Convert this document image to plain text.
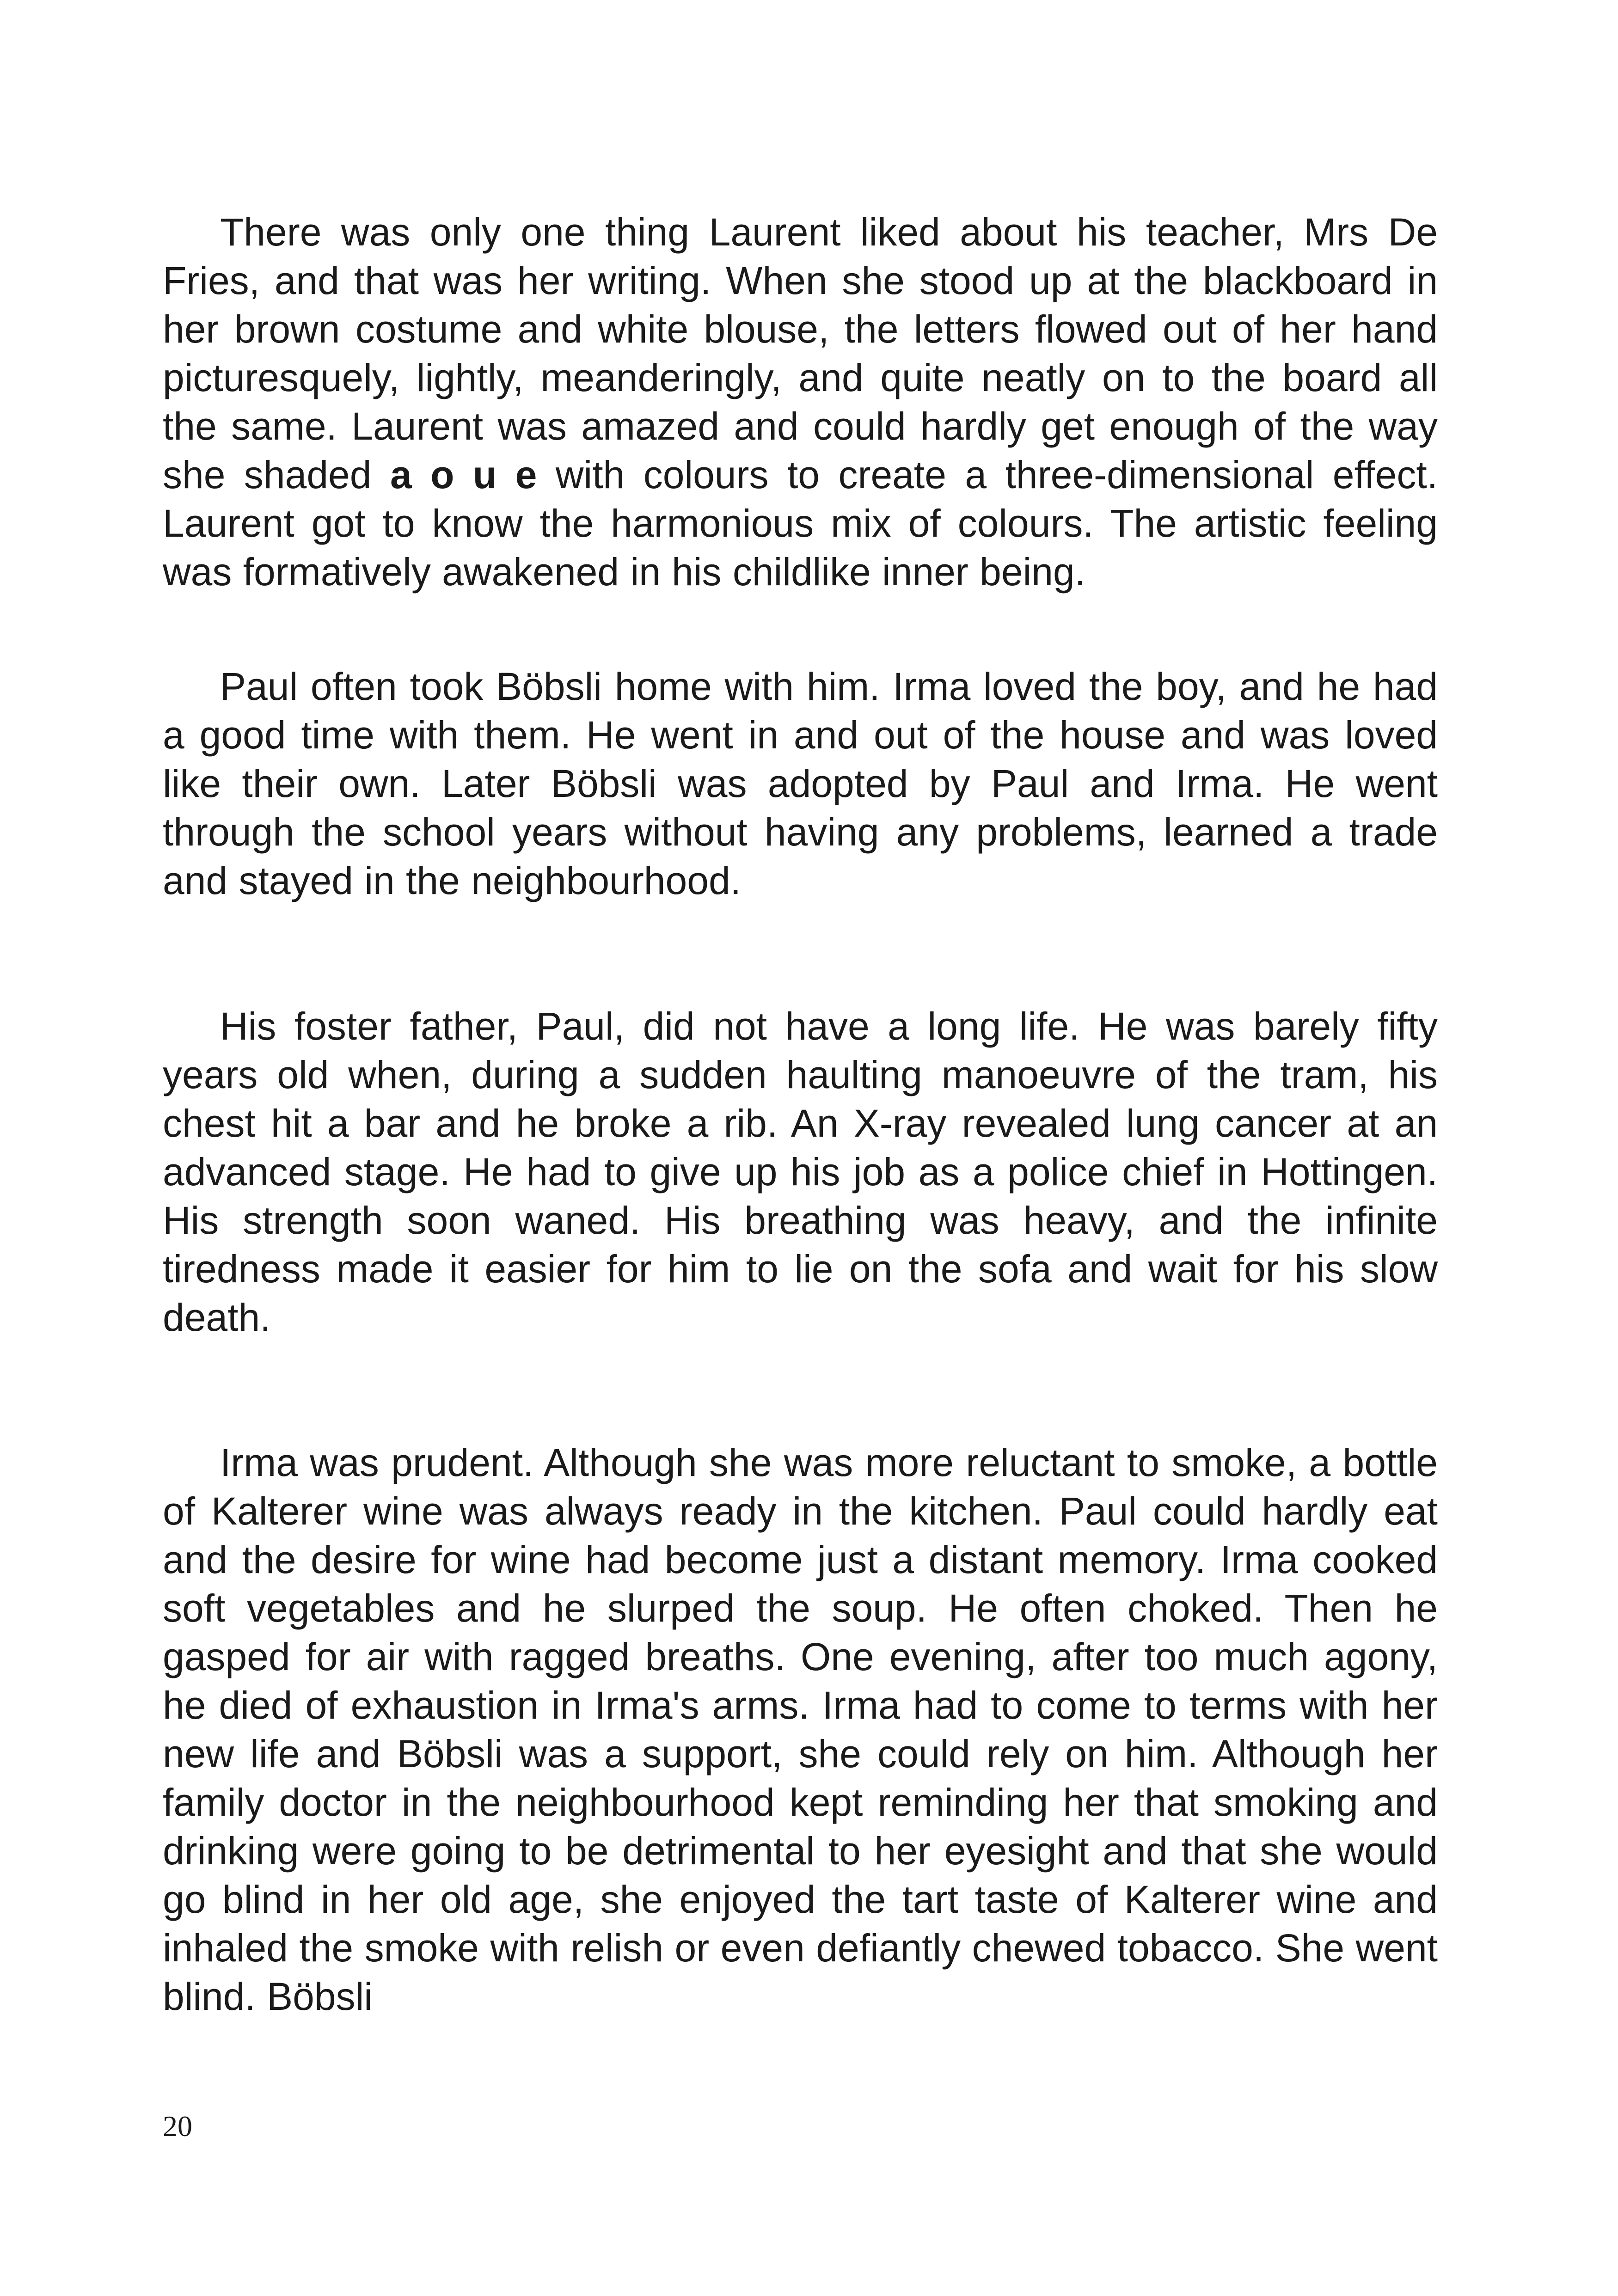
There was only one thing Laurent liked about his teacher, Mrs De Fries, and that was her writing. When she stood up at the blackboard in her brown costume and white blouse, the letters flowed out of her hand picturesquely, lightly, meanderingly, and quite neatly on to the board all the same. Laurent was amazed and could hardly get enough of the way she shaded a o u e with colours to create a three-dimensional effect. Laurent got to know the harmonious mix of colours. The artistic feeling was formatively awakened in his childlike inner being.

Paul often took Böbsli home with him. Irma loved the boy, and he had a good time with them. He went in and out of the house and was loved like their own. Later Böbsli was adopted by Paul and Irma. He went through the school years without having any problems, learned a trade and stayed in the neighbourhood.

His foster father, Paul, did not have a long life. He was barely fifty years old when, during a sudden haulting manoeuvre of the tram, his chest hit a bar and he broke a rib. An X-ray revealed lung cancer at an advanced stage. He had to give up his job as a police chief in Hottingen. His strength soon waned. His breathing was heavy, and the infinite tiredness made it easier for him to lie on the sofa and wait for his slow death.

Irma was prudent. Although she was more reluctant to smoke, a bottle of Kalterer wine was always ready in the kitchen. Paul could hardly eat and the desire for wine had become just a distant memory. Irma cooked soft vegetables and he slurped the soup. He often choked. Then he gasped for air with ragged breaths. One evening, after too much agony, he died of exhaustion in Irma's arms. Irma had to come to terms with her new life and Böbsli was a support, she could rely on him. Although her family doctor in the neighbourhood kept reminding her that smoking and drinking were going to be detrimental to her eyesight and that she would go blind in her old age, she enjoyed the tart taste of Kalterer wine and inhaled the smoke with relish or even defiantly chewed tobacco. She went blind. Böbsli

20
